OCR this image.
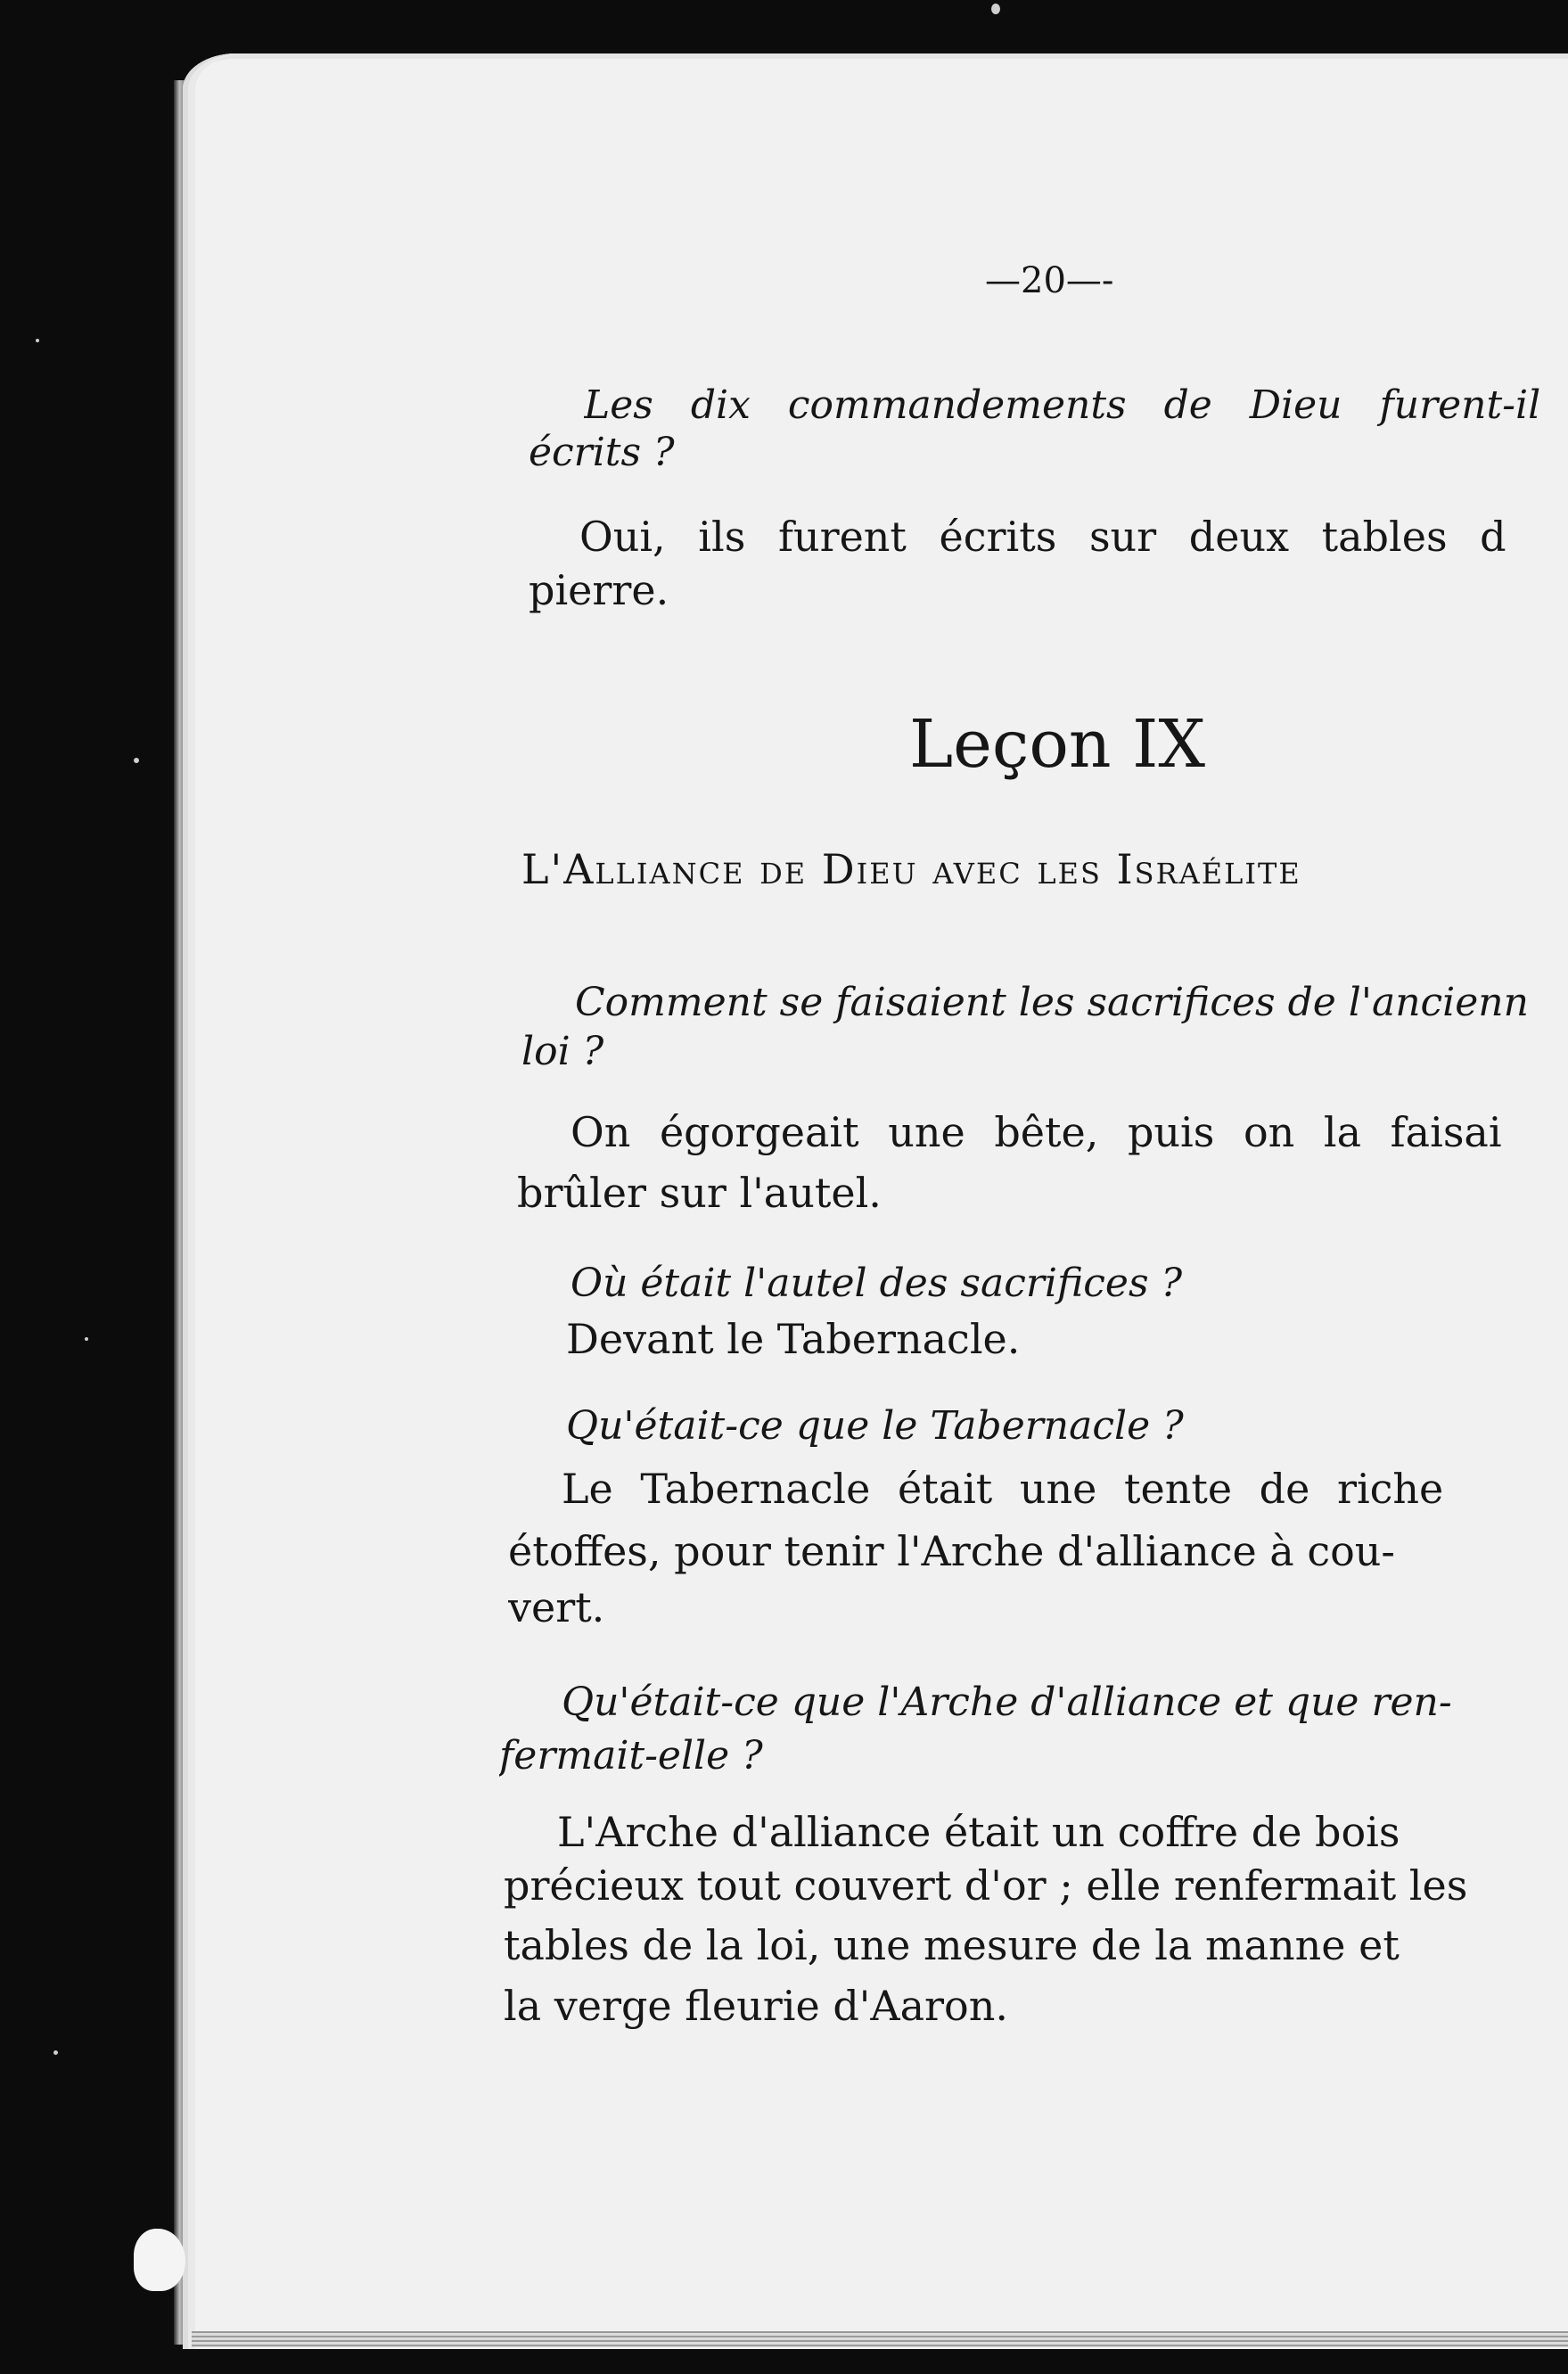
—20—-
Les dix commandements de Dieu furent-il
écrits ?
Oui, ils furent écrits sur deux tables d
pierre.
Leçon IX
L'Alliance de Dieu avec les Israélite
Comment se faisaient les sacrifices de l'ancienn
loi ?
On égorgeait une bête, puis on la faisai
brûler sur l'autel.
Où était l'autel des sacrifices ?
Devant le Tabernacle.
Qu'était-ce que le Tabernacle ?
Le Tabernacle était une tente de riche
étoffes, pour tenir l'Arche d'alliance à cou-
vert.
Qu'était-ce que l'Arche d'alliance et que ren-
fermait-elle ?
L'Arche d'alliance était un coffre de bois
précieux tout couvert d'or ; elle renfermait les
tables de la loi, une mesure de la manne et
la verge fleurie d'Aaron.
